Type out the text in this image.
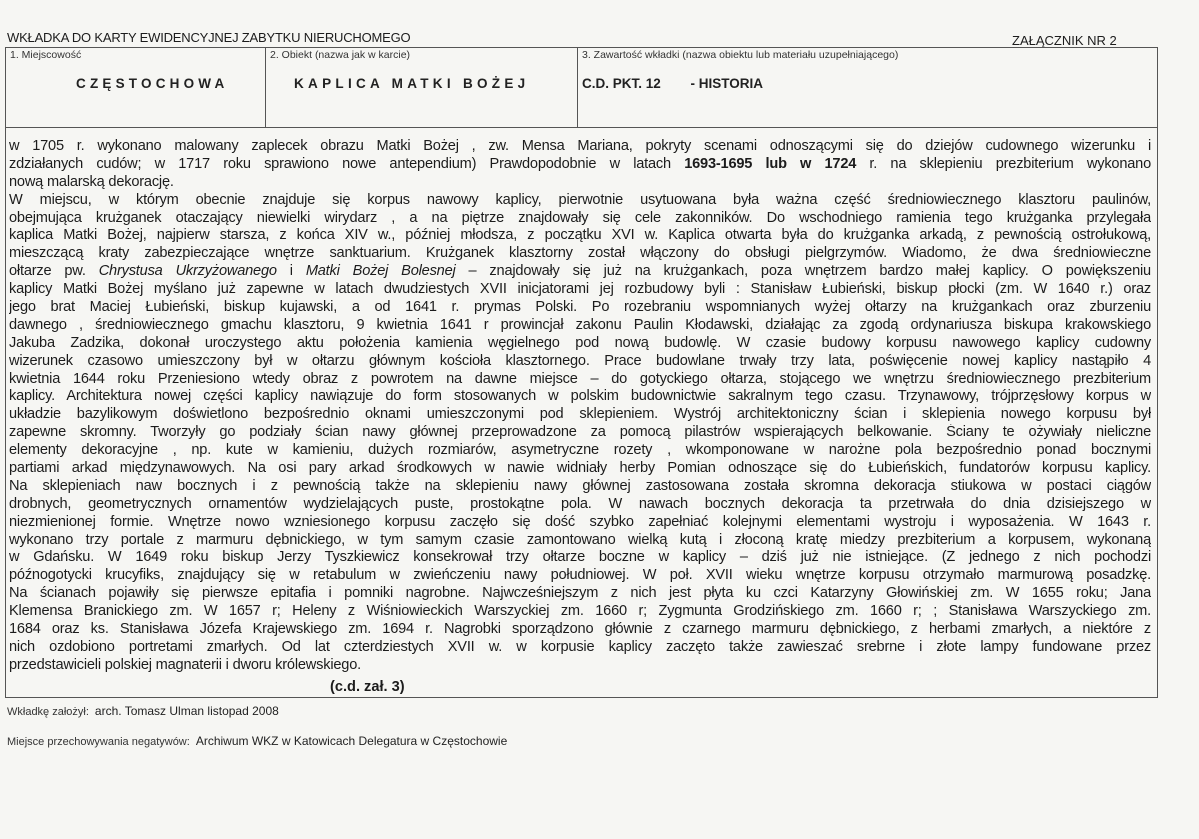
WKŁADKA DO KARTY EWIDENCYJNEJ ZABYTKU NIERUCHOMEGO	ZAŁĄCZNIK NR 2
1. Miejscowość
CZĘSTOCHOWA
2. Obiekt (nazwa jak w karcie)
KAPLICA MATKI BOŻEJ
3. Zawartość wkładki (nazwa obiektu lub materiału uzupełniającego)
C.D. PKT. 12 - HISTORIA
w 1705 r. wykonano malowany zaplecek obrazu Matki Bożej , zw. Mensa Mariana, pokryty scenami odnoszącymi się do dziejów cudownego wizerunku i
zdziałanych cudów; w 1717 roku sprawiono nowe antependium) Prawdopodobnie w latach 1693-1695 lub w 1724 r. na sklepieniu prezbiterium wykonano
nową malarską dekorację.
W miejscu, w którym obecnie znajduje się korpus nawowy kaplicy, pierwotnie usytuowana była ważna część średniowiecznego klasztoru paulinów,
obejmująca krużganek otaczający niewielki wirydarz , a na piętrze znajdowały się cele zakonników. Do wschodniego ramienia tego krużganka przylegała
kaplica Matki Bożej, najpierw starsza, z końca XIV w., później młodsza, z początku XVI w. Kaplica otwarta była do krużganka arkadą, z pewnością ostrołukową,
mieszczącą kraty zabezpieczające wnętrze sanktuarium. Krużganek klasztorny został włączony do obsługi pielgrzymów. Wiadomo, że dwa średniowieczne
ołtarze pw. Chrystusa Ukrzyżowanego i Matki Bożej Bolesnej – znajdowały się już na krużgankach, poza wnętrzem bardzo małej kaplicy. O powiększeniu
kaplicy Matki Bożej myślano już zapewne w latach dwudziestych XVII inicjatorami jej rozbudowy byli : Stanisław Łubieński, biskup płocki (zm. W 1640 r.) oraz
jego brat Maciej Łubieński, biskup kujawski, a od 1641 r. prymas Polski. Po rozebraniu wspomnianych wyżej ołtarzy na krużgankach oraz zburzeniu
dawnego , średniowiecznego gmachu klasztoru, 9 kwietnia 1641 r prowincjał zakonu Paulin Kłodawski, działając za zgodą ordynariusza biskupa krakowskiego
Jakuba Zadzika, dokonał uroczystego aktu położenia kamienia węgielnego pod nową budowlę. W czasie budowy korpusu nawowego kaplicy cudowny
wizerunek czasowo umieszczony był w ołtarzu głównym kościoła klasztornego. Prace budowlane trwały trzy lata, poświęcenie nowej kaplicy nastąpiło 4
kwietnia 1644 roku Przeniesiono wtedy obraz z powrotem na dawne miejsce – do gotyckiego ołtarza, stojącego we wnętrzu średniowiecznego prezbiterium
kaplicy. Architektura nowej części kaplicy nawiązuje do form stosowanych w polskim budownictwie sakralnym tego czasu. Trzynawowy, trójprzęsłowy korpus w
układzie bazylikowym doświetlono bezpośrednio oknami umieszczonymi pod sklepieniem. Wystrój architektoniczny ścian i sklepienia nowego korpusu był
zapewne skromny. Tworzyły go podziały ścian nawy głównej przeprowadzone za pomocą pilastrów wspierających belkowanie. Ściany te ożywiały nieliczne
elementy dekoracyjne , np. kute w kamieniu, dużych rozmiarów, asymetryczne rozety , wkomponowane w narożne pola bezpośrednio ponad bocznymi
partiami arkad międzynawowych. Na osi pary arkad środkowych w nawie widniały herby Pomian odnoszące się do Łubieńskich, fundatorów korpusu kaplicy.
Na sklepieniach naw bocznych i z pewnością także na sklepieniu nawy głównej zastosowana została skromna dekoracja stiukowa w postaci ciągów
drobnych, geometrycznych ornamentów wydzielających puste, prostokątne pola. W nawach bocznych dekoracja ta przetrwała do dnia dzisiejszego w
niezmienionej formie. Wnętrze nowo wzniesionego korpusu zaczęło się dość szybko zapełniać kolejnymi elementami wystroju i wyposażenia. W 1643 r.
wykonano trzy portale z marmuru dębnickiego, w tym samym czasie zamontowano wielką kutą i złoconą kratę miedzy prezbiterium a korpusem, wykonaną
w Gdańsku. W 1649 roku biskup Jerzy Tyszkiewicz konsekrował trzy ołtarze boczne w kaplicy – dziś już nie istniejące. (Z jednego z nich pochodzi
późnogotycki krucyfiks, znajdujący się w retabulum w zwieńczeniu nawy południowej. W poł. XVII wieku wnętrze korpusu otrzymało marmurową posadzkę.
Na ścianach pojawiły się pierwsze epitafia i pomniki nagrobne. Najwcześniejszym z nich jest płyta ku czci Katarzyny Głowińskiej zm. W 1655 roku; Jana
Klemensa Branickiego zm. W 1657 r; Heleny z Wiśniowieckich Warszyckiej zm. 1660 r; Zygmunta Grodzińskiego zm. 1660 r; ; Stanisława Warszyckiego zm.
1684 oraz ks. Stanisława Józefa Krajewskiego zm. 1694 r. Nagrobki sporządzono głównie z czarnego marmuru dębnickiego, z herbami zmarłych, a niektóre z
nich ozdobiono portretami zmarłych. Od lat czterdziestych XVII w. w korpusie kaplicy zaczęto także zawieszać srebrne i złote lampy fundowane przez
przedstawicieli polskiej magnaterii i dworu królewskiego.
(c.d. zał. 3)
Wkładkę założył: arch. Tomasz Ulman listopad 2008
Miejsce przechowywania negatywów: Archiwum WKZ w Katowicach Delegatura w Częstochowie
